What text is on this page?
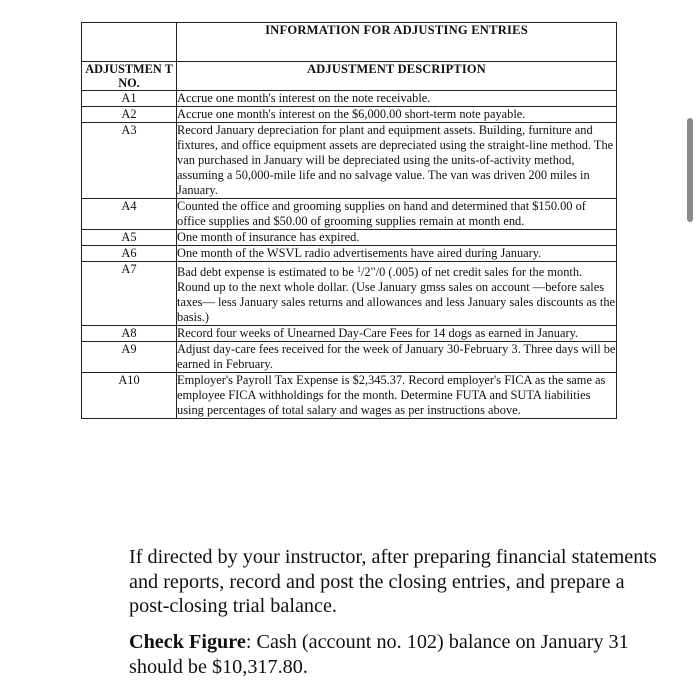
	INFORMATION FOR ADJUSTING ENTRIES
ADJUSTMEN T NO.	ADJUSTMENT DESCRIPTION
A1	Accrue one month's interest on the note receivable.
A2	Accrue one month's interest on the $6,000.00 short-term note payable.
A3	Record January depreciation for plant and equipment assets. Building, furniture and fixtures, and office equipment assets are depreciated using the straight-line method. The van purchased in January will be depreciated using the units-of-activity method, assuming a 50,000-mile life and no salvage value. The van was driven 200 miles in January.
A4	Counted the office and grooming supplies on hand and determined that $150.00 of office supplies and $50.00 of grooming supplies remain at month end.
A5	One month of insurance has expired.
A6	One month of the WSVL radio advertisements have aired during January.
A7	Bad debt expense is estimated to be $^1$/2"/0 (.005) of net credit sales for the month. Round up to the next whole dollar. (Use January gmss sales on account —before sales taxes— less January sales returns and allowances and less January sales discounts as the basis.)
A8	Record four weeks of Unearned Day-Care Fees for 14 dogs as earned in January.
A9	Adjust day-care fees received for the week of January 30-February 3. Three days will be earned in February.
A10	Employer's Payroll Tax Expense is $2,345.37. Record employer's FICA as the same as employee FICA withholdings for the month. Determine FUTA and SUTA liabilities using percentages of total salary and wages as per instructions above.

If directed by your instructor, after preparing financial statements and reports, record and post the closing entries, and prepare a post-closing trial balance.

Check Figure: Cash (account no. 102) balance on January 31 should be $10,317.80.
